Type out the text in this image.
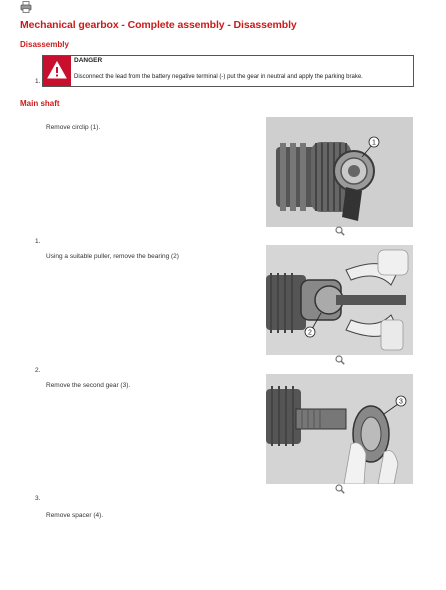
Mechanical gearbox - Complete assembly - Disassembly
Disassembly
DANGER
Disconnect the lead from the battery negative terminal (-) put the gear in neutral and apply the parking brake.
1.
Main shaft
Remove circlip (1).
1.
Using a suitable puller, remove the bearing (2)
2.
Remove the second gear (3).
3.
Remove spacer (4).
1
2
3
